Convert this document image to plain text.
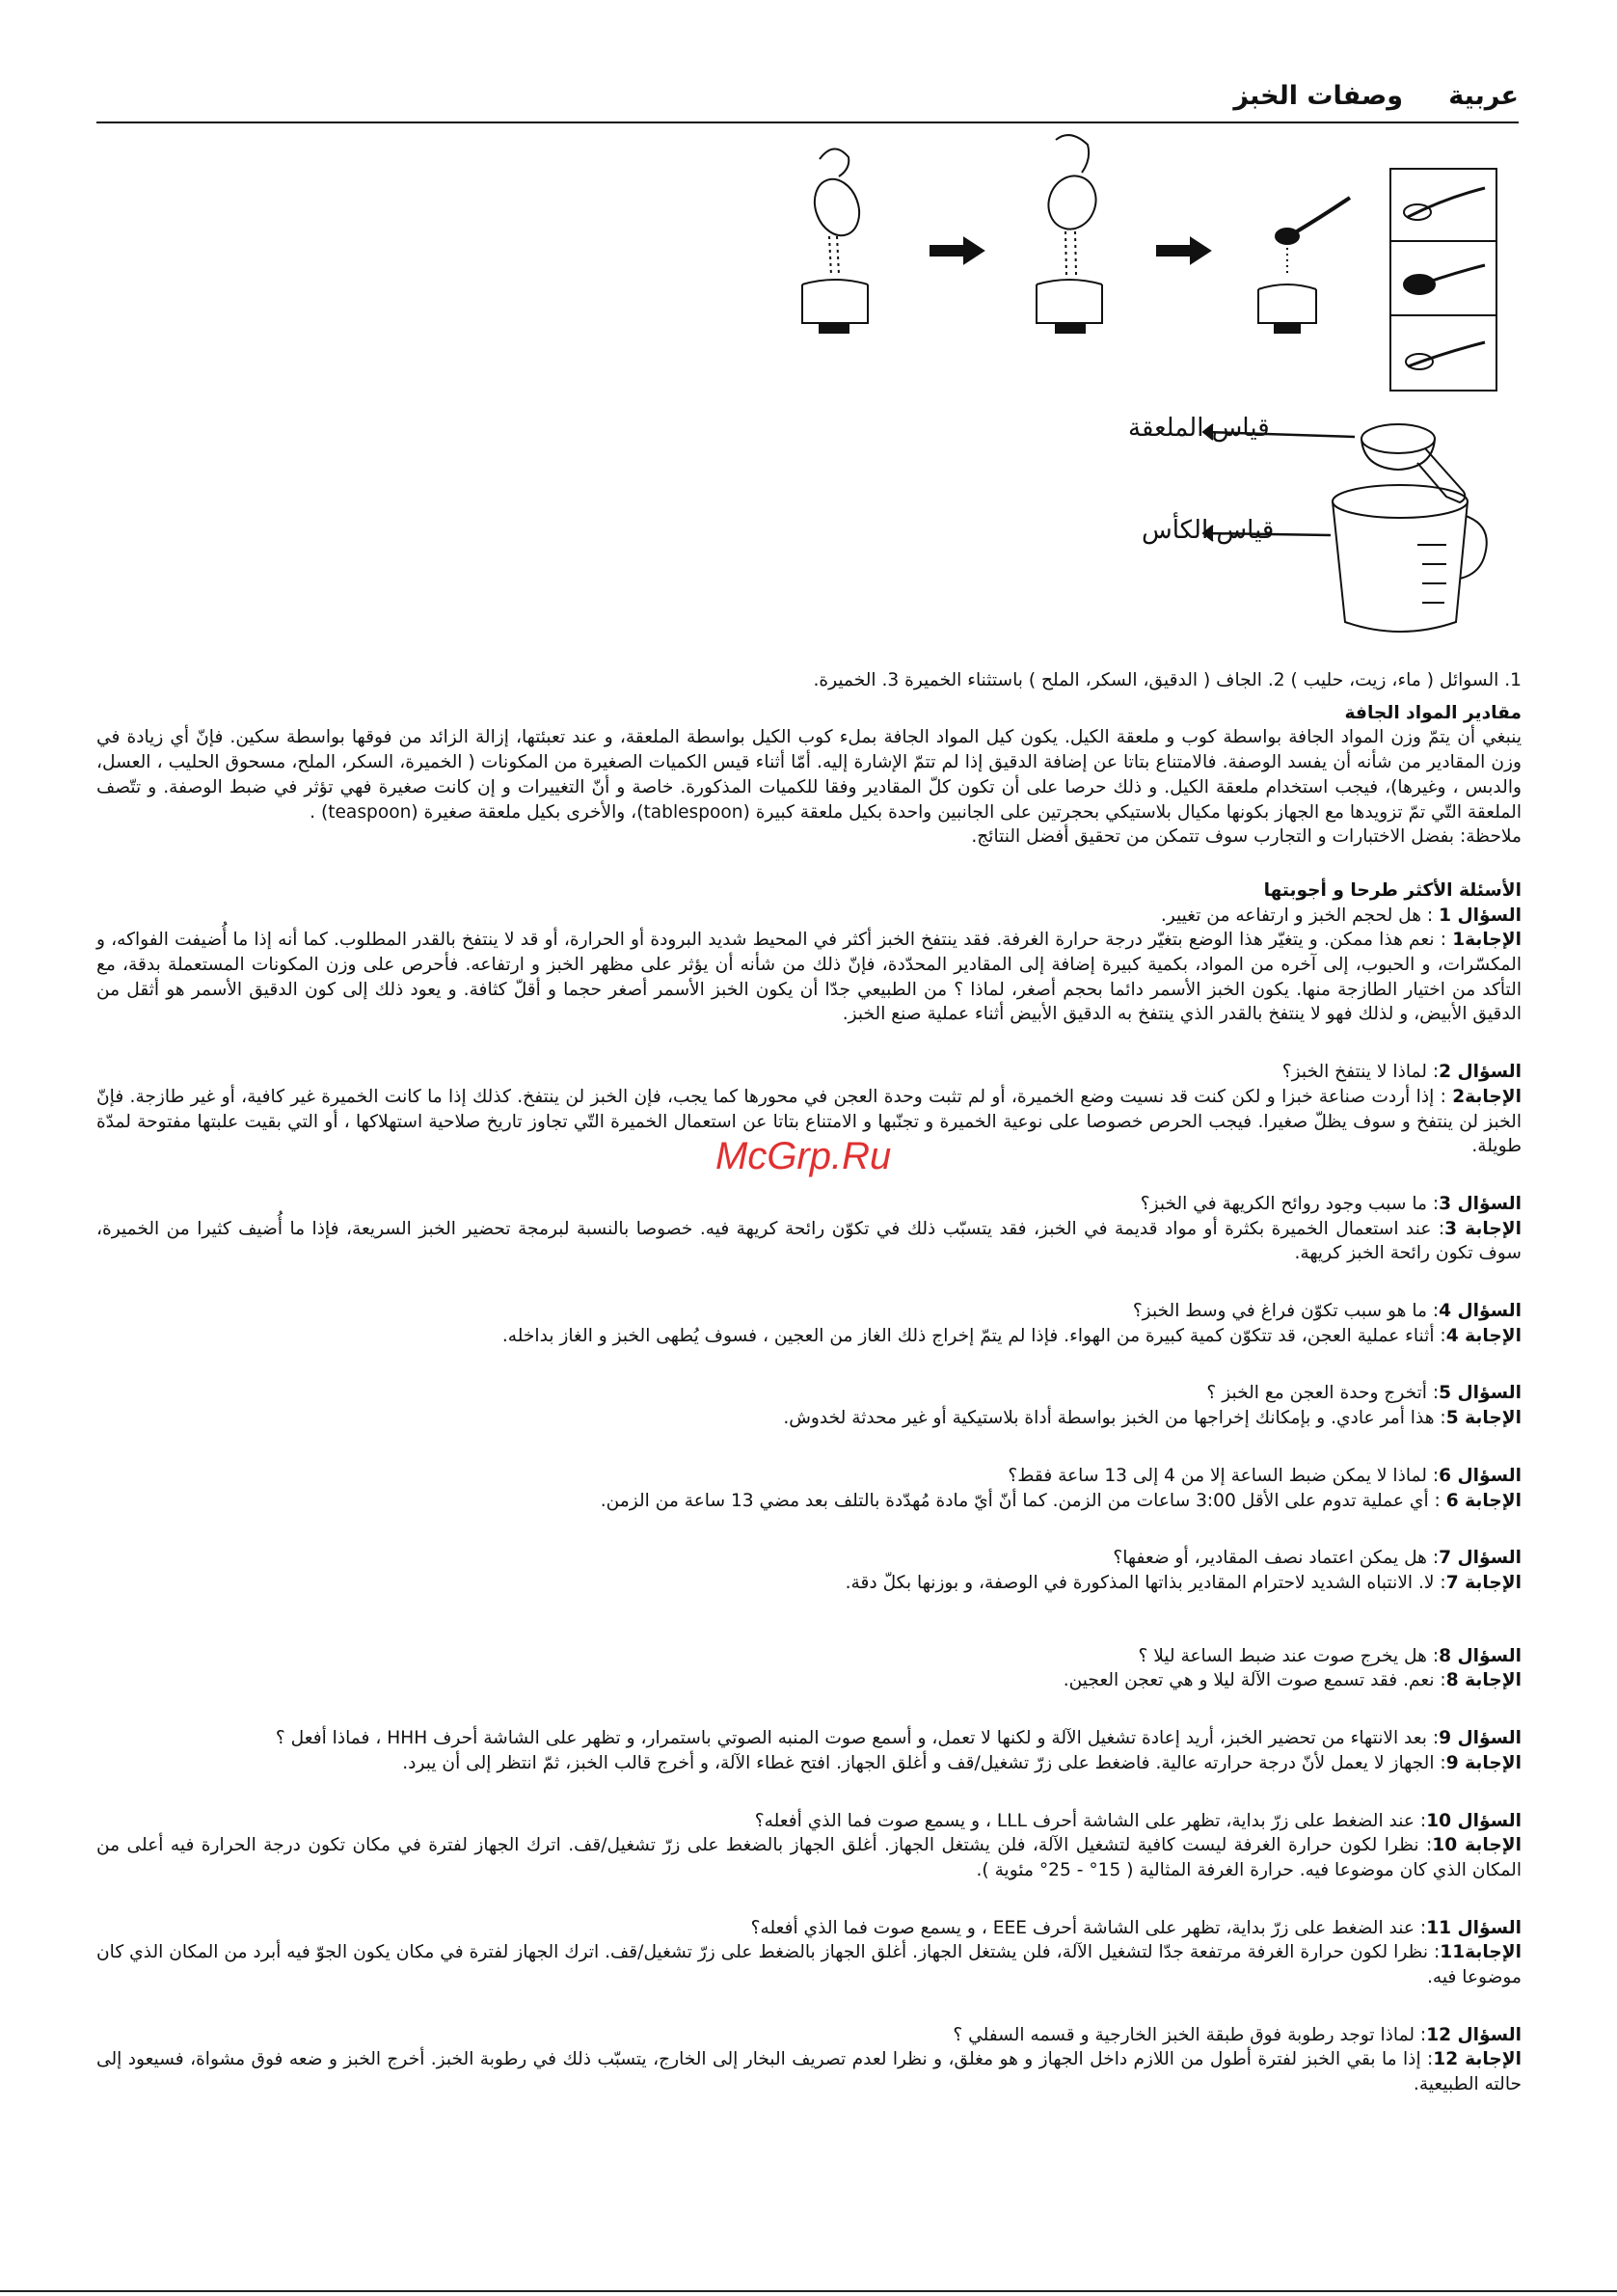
عربية
وصفات الخبز
قياس الملعقة
قياس الكأس

1. السوائل ( ماء، زيت، حليب ) 2. الجاف ( الدقيق، السكر، الملح ) باستثناء الخميرة 3. الخميرة.

مقادير المواد الجافة

ينبغي أن يتمّ وزن المواد الجافة بواسطة كوب و ملعقة الكيل. يكون كيل المواد الجافة بملء كوب الكيل بواسطة الملعقة، و عند تعبئتها، إزالة الزائد من فوقها بواسطة سكين. فإنّ أي زيادة في وزن المقادير من شأنه أن يفسد الوصفة. فالامتناع بتاتا عن إضافة الدقيق إذا لم تتمّ الإشارة إليه. أمّا أثناء قيس الكميات الصغيرة من المكونات ( الخميرة، السكر، الملح، مسحوق الحليب ، العسل، والدبس ، وغيرها)، فيجب استخدام ملعقة الكيل. و ذلك حرصا على أن تكون كلّ المقادير وفقا للكميات المذكورة. خاصة و أنّ التغييرات و إن كانت صغيرة فهي تؤثر في ضبط الوصفة. و تتّصف الملعقة التّي تمّ تزويدها مع الجهاز بكونها مكيال بلاستيكي بحجرتين على الجانبين واحدة بكيل ملعقة كبيرة (tablespoon)، والأخرى بكيل ملعقة صغيرة (teaspoon) .

ملاحظة: بفضل الاختبارات و التجارب سوف تتمكن من تحقيق أفضل النتائج.

الأسئلة الأكثر طرحا و أجوبتها

السؤال 1 : هل لحجم الخبز و ارتفاعه من تغيير.

الإجابة1 : نعم هذا ممكن. و يتغيّر هذا الوضع بتغيّر درجة حرارة الغرفة. فقد ينتفخ الخبز أكثر في المحيط شديد البرودة أو الحرارة، أو قد لا ينتفخ بالقدر المطلوب. كما أنه إذا ما أُضيفت الفواكه، و المكسّرات، و الحبوب، إلى آخره من المواد، بكمية كبيرة إضافة إلى المقادير المحدّدة، فإنّ ذلك من شأنه أن يؤثر على مظهر الخبز و ارتفاعه. فأحرص على وزن المكونات المستعملة بدقة، مع التأكد من اختيار الطازجة منها. يكون الخبز الأسمر دائما بحجم أصغر، لماذا ؟ من الطبيعي جدّا أن يكون الخبز الأسمر أصغر حجما و أقلّ كثافة. و يعود ذلك إلى كون الدقيق الأسمر هو أثقل من الدقيق الأبيض، و لذلك فهو لا ينتفخ بالقدر الذي ينتفخ به الدقيق الأبيض أثناء عملية صنع الخبز.

السؤال 2: لماذا لا ينتفخ الخبز؟

الإجابة2 : إذا أردت صناعة خبزا و لكن كنت قد نسيت وضع الخميرة، أو لم تثبت وحدة العجن في محورها كما يجب، فإن الخبز لن ينتفخ. كذلك إذا ما كانت الخميرة غير كافية، أو غير طازجة. فإنّ الخبز لن ينتفخ و سوف يظلّ صغيرا. فيجب الحرص خصوصا على نوعية الخميرة و تجنّبها و الامتناع بتاتا عن استعمال الخميرة التّي تجاوز تاريخ صلاحية استهلاكها ، أو التي بقيت علبتها مفتوحة لمدّة طويلة.

السؤال 3: ما سبب وجود روائح الكريهة في الخبز؟

الإجابة 3: عند استعمال الخميرة بكثرة أو مواد قديمة في الخبز، فقد يتسبّب ذلك في تكوّن رائحة كريهة فيه. خصوصا بالنسبة لبرمجة تحضير الخبز السريعة، فإذا ما أُضيف كثيرا من الخميرة، سوف تكون رائحة الخبز كريهة.

السؤال 4: ما هو سبب تكوّن فراغ في وسط الخبز؟

الإجابة 4: أثناء عملية العجن، قد تتكوّن كمية كبيرة من الهواء. فإذا لم يتمّ إخراج ذلك الغاز من العجين ، فسوف يُطهى الخبز و الغاز بداخله.

السؤال 5: أتخرج وحدة العجن مع الخبز ؟

الإجابة 5: هذا أمر عادي. و بإمكانك إخراجها من الخبز بواسطة أداة بلاستيكية أو غير محدثة لخدوش.

السؤال 6: لماذا لا يمكن ضبط الساعة إلا من 4 إلى 13 ساعة فقط؟

الإجابة 6 : أي عملية تدوم على الأقل 3:00 ساعات من الزمن. كما أنّ أيّ مادة مُهدّدة بالتلف بعد مضي 13 ساعة من الزمن.

السؤال 7: هل يمكن اعتماد نصف المقادير، أو ضعفها؟

الإجابة 7: لا. الانتباه الشديد لاحترام المقادير بذاتها المذكورة في الوصفة، و بوزنها بكلّ دقة.

السؤال 8: هل يخرج صوت عند ضبط الساعة ليلا ؟

الإجابة 8: نعم. فقد تسمع صوت الآلة ليلا و هي تعجن العجين.

السؤال 9: بعد الانتهاء من تحضير الخبز، أريد إعادة تشغيل الآلة و لكنها لا تعمل، و أسمع صوت المنبه الصوتي باستمرار، و تظهر على الشاشة أحرف HHH ، فماذا أفعل ؟

الإجابة 9: الجهاز لا يعمل لأنّ درجة حرارته عالية. فاضغط على زرّ تشغيل/قف و أغلق الجهاز. افتح غطاء الآلة، و أخرج قالب الخبز، ثمّ انتظر إلى أن يبرد.

السؤال 10: عند الضغط على زرّ بداية، تظهر على الشاشة أحرف LLL ، و يسمع صوت فما الذي أفعله؟

الإجابة 10: نظرا لكون حرارة الغرفة ليست كافية لتشغيل الآلة، فلن يشتغل الجهاز. أغلق الجهاز بالضغط على زرّ تشغيل/قف. اترك الجهاز لفترة في مكان تكون درجة الحرارة فيه أعلى من المكان الذي كان موضوعا فيه. حرارة الغرفة المثالية ( 15° - 25° مئوية ).

السؤال 11: عند الضغط على زرّ بداية، تظهر على الشاشة أحرف EEE ، و يسمع صوت فما الذي أفعله؟

الإجابة11: نظرا لكون حرارة الغرفة مرتفعة جدّا لتشغيل الآلة، فلن يشتغل الجهاز. أغلق الجهاز بالضغط على زرّ تشغيل/قف. اترك الجهاز لفترة في مكان يكون الجوّ فيه أبرد من المكان الذي كان موضوعا فيه.

السؤال 12: لماذا توجد رطوبة فوق طبقة الخبز الخارجية و قسمه السفلي ؟

الإجابة 12: إذا ما بقي الخبز لفترة أطول من اللازم داخل الجهاز و هو مغلق، و نظرا لعدم تصريف البخار إلى الخارج، يتسبّب ذلك في رطوبة الخبز. أخرج الخبز و ضعه فوق مشواة، فسيعود إلى حالته الطبيعية.

McGrp.Ru
